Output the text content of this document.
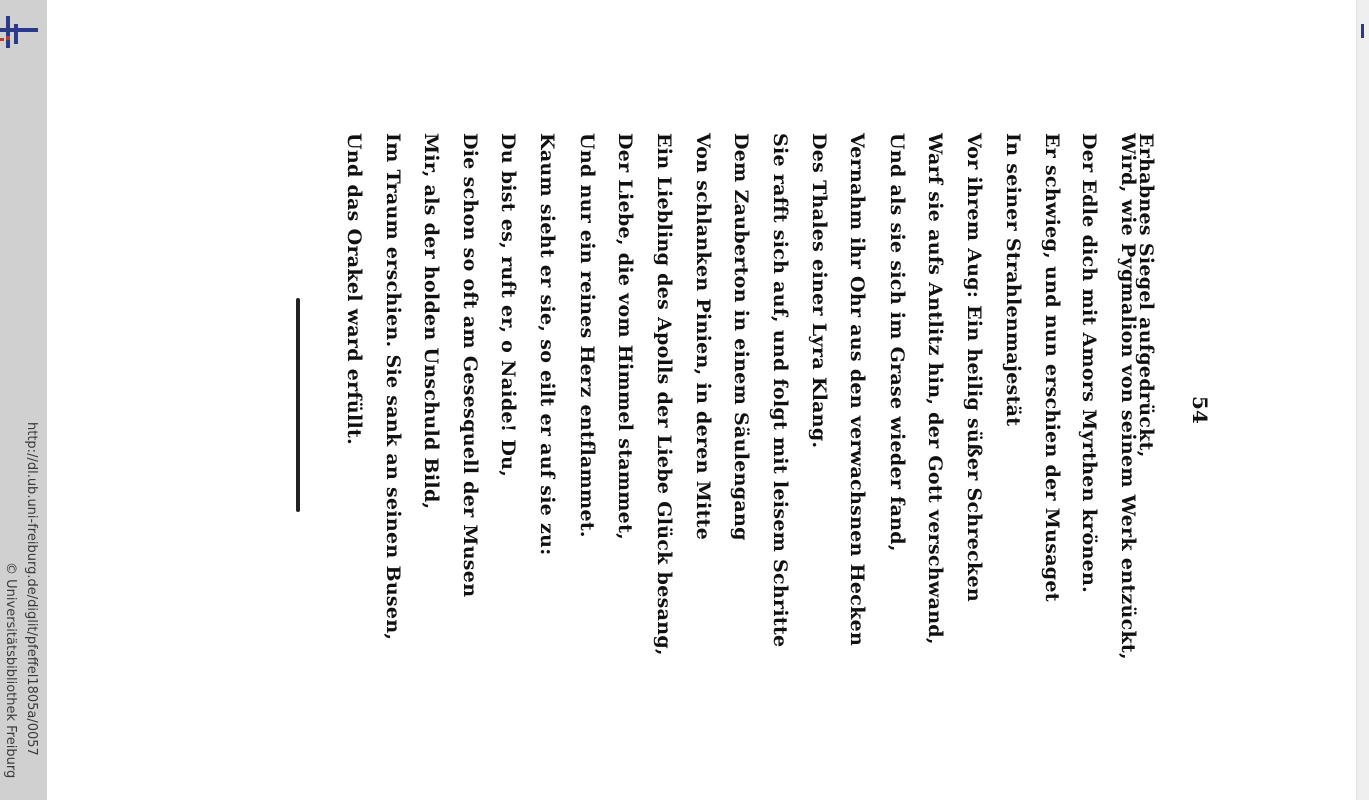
http://dl.ub.uni-freiburg.de/diglit/pfeffel1805a/0057
© Universitätsbibliothek Freiburg
54
Erhabnes Siegel aufgedrückt,
Wird, wie Pygmalion von seinem Werk entzückt,
Der Edle dich mit Amors Myrthen krönen.
Er schwieg, und nun erschien der Musaget
In seiner Strahlenmajestät
Vor ihrem Aug: Ein heilig süßer Schrecken
Warf sie aufs Antlitz hin, der Gott verschwand,
Und als sie sich im Grase wieder fand,
Vernahm ihr Ohr aus den verwachsnen Hecken
Des Thales einer Lyra Klang.
Sie rafft sich auf, und folgt mit leisem Schritte
Dem Zauberton in einem Säulengang
Von schlanken Pinien, in deren Mitte
Ein Liebling des Apolls der Liebe Glück besang,
Der Liebe, die vom Himmel stammet,
Und nur ein reines Herz entflammet.
Kaum sieht er sie, so eilt er auf sie zu:
Du bist es, ruft er, o Naide! Du,
Die schon so oft am Gesesquell der Musen
Mir, als der holden Unschuld Bild,
Im Traum erschien. Sie sank an seinen Busen,
Und das Orakel ward erfüllt.
